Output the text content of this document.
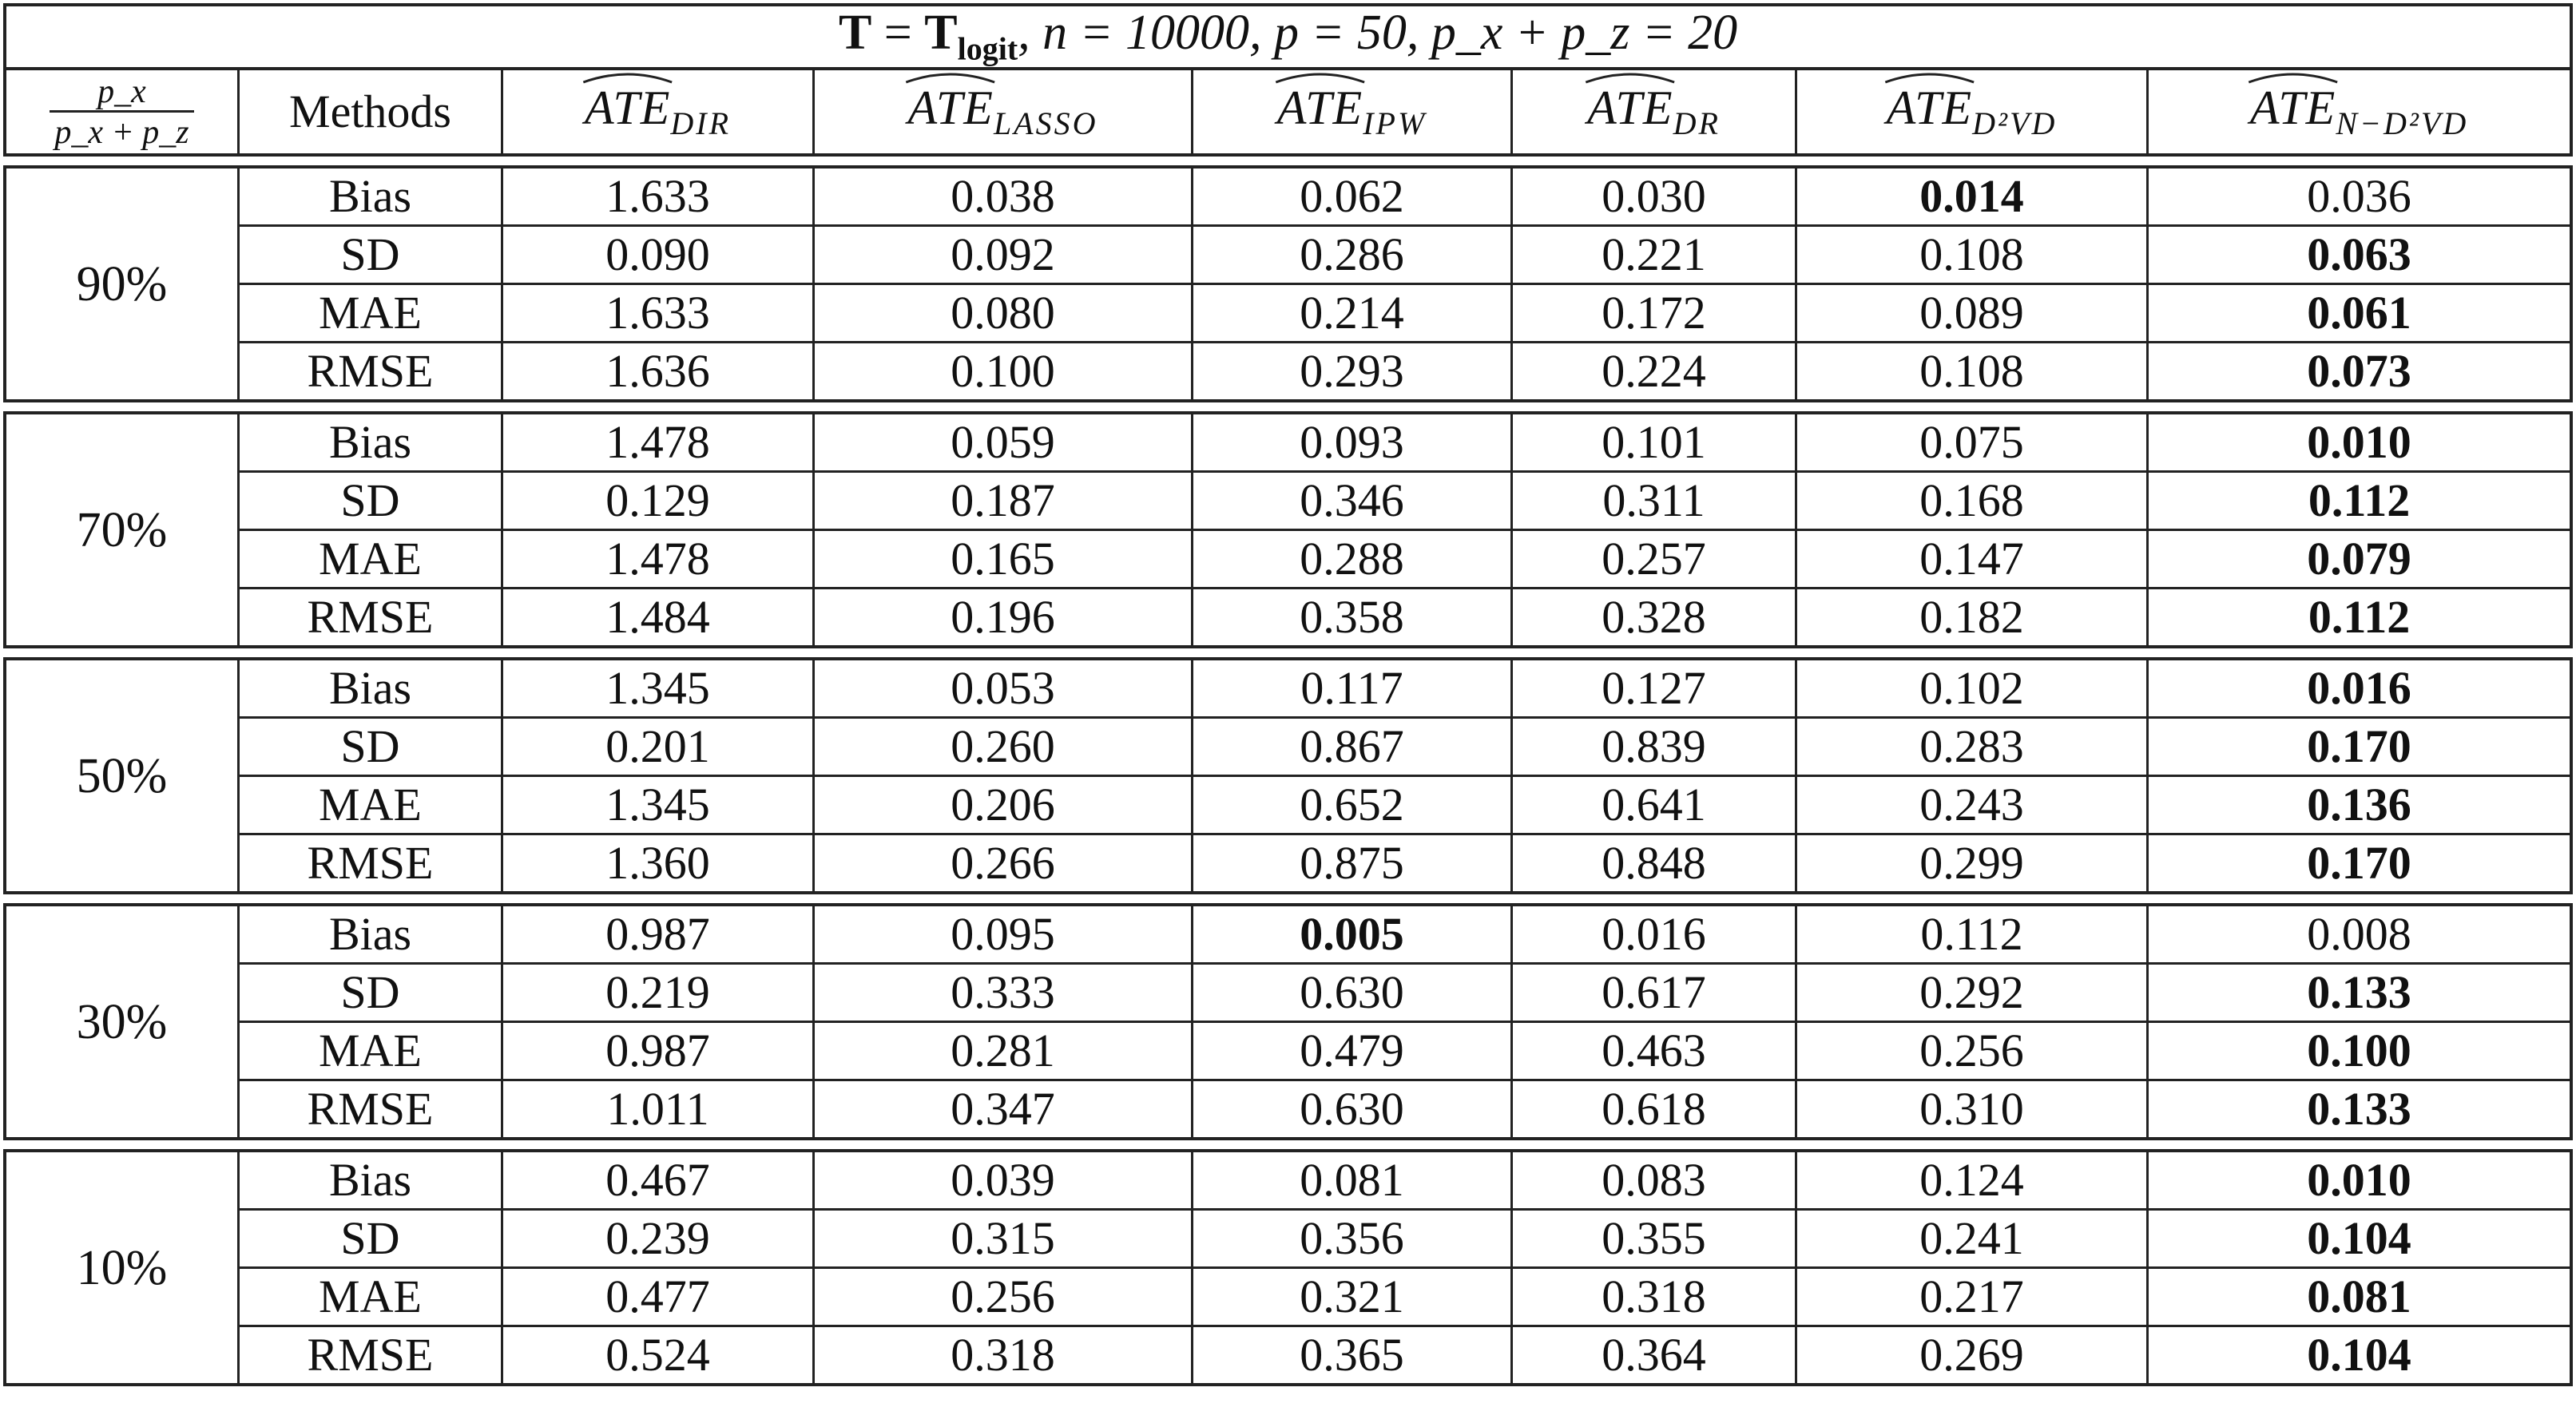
$T = T_{logit}$, n = 10000, p = 50, p_x + p_z = 20							

$\frac{p\_x}{p\_x + p\_z}$	Methods	$ATE_{DIR}$	$ATE_{LASSO}$	$ATE_{IPW}$	$ATE_{DR}$	$ATE_{D^2VD}$	$ATE_{N-D^2VD}$

90%	Bias	1.633	0.038	0.062	0.030	0.014	0.036
	SD	0.090	0.092	0.286	0.221	0.108	0.063
	MAE	1.633	0.080	0.214	0.172	0.089	0.061
	RMSE	1.636	0.100	0.293	0.224	0.108	0.073

70%	Bias	1.478	0.059	0.093	0.101	0.075	0.010
	SD	0.129	0.187	0.346	0.311	0.168	0.112
	MAE	1.478	0.165	0.288	0.257	0.147	0.079
	RMSE	1.484	0.196	0.358	0.328	0.182	0.112

50%	Bias	1.345	0.053	0.117	0.127	0.102	0.016
	SD	0.201	0.260	0.867	0.839	0.283	0.170
	MAE	1.345	0.206	0.652	0.641	0.243	0.136
	RMSE	1.360	0.266	0.875	0.848	0.299	0.170

30%	Bias	0.987	0.095	0.005	0.016	0.112	0.008
	SD	0.219	0.333	0.630	0.617	0.292	0.133
	MAE	0.987	0.281	0.479	0.463	0.256	0.100
	RMSE	1.011	0.347	0.630	0.618	0.310	0.133

10%	Bias	0.467	0.039	0.081	0.083	0.124	0.010
	SD	0.239	0.315	0.356	0.355	0.241	0.104
	MAE	0.477	0.256	0.321	0.318	0.217	0.081
	RMSE	0.524	0.318	0.365	0.364	0.269	0.104
